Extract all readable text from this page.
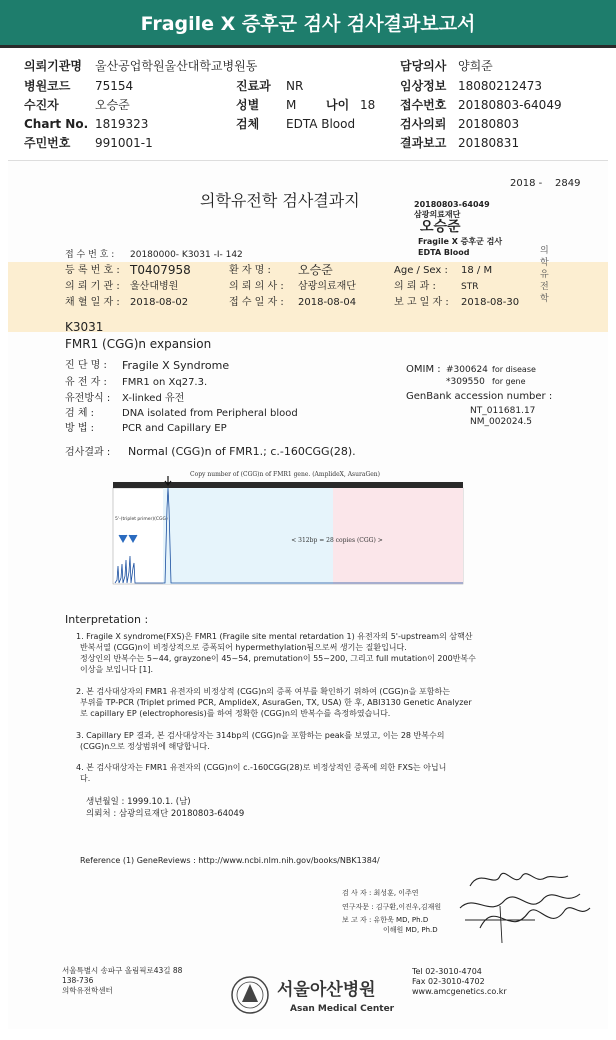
Fragile X 증후군 검사 검사결과보고서
의뢰기관명 울산공업학원울산대학교병원동	담당의사 양희준
병원코드 75154	진료과 NR	임상정보 18080212473
수진자	오승준	성별 M 나이 18 접수번호 20180803-64049
Chart No. 1819323	검체 EDTA Blood	검사의뢰 20180803
주민번호 991001-1	결과보고 20180831
2018 - 2849
의학유전학 검사결과지	20180803-64049
삼광의료재단
오승준
Fragile X 증후군 검사
EDTA Blood	의학유전학
접 수 번 호 : 20180000- K3031 -I- 142
등 록 번 호 : T0407958	환 자 명 : 오승준	Age / Sex : 18 / M
의 뢰 기 관 : 울산대병원	의 뢰 의 사 : 삼광의료재단	의 뢰 과 :	STR
채 혈 일 자 : 2018-08-02	접 수 일 자 : 2018-08-04	보 고 일 자 : 2018-08-30
K3031
FMR1 (CGG)n expansion
진 단 명 : Fragile X Syndrome
유 전 자 : FMR1 on Xq27.3.
유전방식 : X-linked 유전
검 체 :	DNA isolated from Peripheral blood
방 법 :	PCR and Capillary EP
OMIM : #300624 for disease
*309550 for gene
GenBank accession number :
NT_011681.17
NM_002024.5
검사결과 : Normal (CGG)n of FMR1.; c.-160CGG(28).
Copy number of (CGG)n of FMR1 gene. (AmplideX, AsuraGen)
5'-(triplet primer)(CGG)
< 312bp = 28 copies (CGG) >
Interpretation :
1. Fragile X syndrome(FXS)은 FMR1 (Fragile site mental retardation 1) 유전자의 5'-upstream의 삼핵산
반복서열 (CGG)n이 비정상적으로 증폭되어 hypermethylation됨으로써 생기는 질환입니다.
정상인의 반복수는 5~44, grayzone이 45~54, premutation이 55~200, 그리고 full mutation이 200반복수
이상을 보입니다 [1].
2. 본 검사대상자의 FMR1 유전자의 비정상적 (CGG)n의 증폭 여부를 확인하기 위하여 (CGG)n을 포함하는
부위를 TP-PCR (Triplet primed PCR, AmplideX, AsuraGen, TX, USA) 한 후, ABI3130 Genetic Analyzer
로 capillary EP (electrophoresis)를 하여 정확한 (CGG)n의 반복수를 측정하였습니다.
3. Capillary EP 결과, 본 검사대상자는 314bp의 (CGG)n을 포함하는 peak를 보였고, 이는 28 반복수의
(CGG)n으로 정상범위에 해당합니다.
4. 본 검사대상자는 FMR1 유전자의 (CGG)n이 c.-160CGG(28)로 비정상적인 증폭에 의한 FXS는 아닙니
다.
생년월일 : 1999.10.1. (남)
의뢰처 : 삼광의료재단 20180803-64049
Reference (1) GeneReviews : http://www.ncbi.nlm.nih.gov/books/NBK1384/
검 사 자 : 최성훈, 이주연
연구자문 : 김구환,이진우,김재원
보 고 자 : 유한욱 MD, Ph.D
이해원 MD, Ph.D
서울특별시 송파구 올림픽로43길 88
138-736
의학유전학센터	서울아산병원
Asan Medical Center
Tel 02-3010-4704
Fax 02-3010-4702
www.amcgenetics.co.kr
